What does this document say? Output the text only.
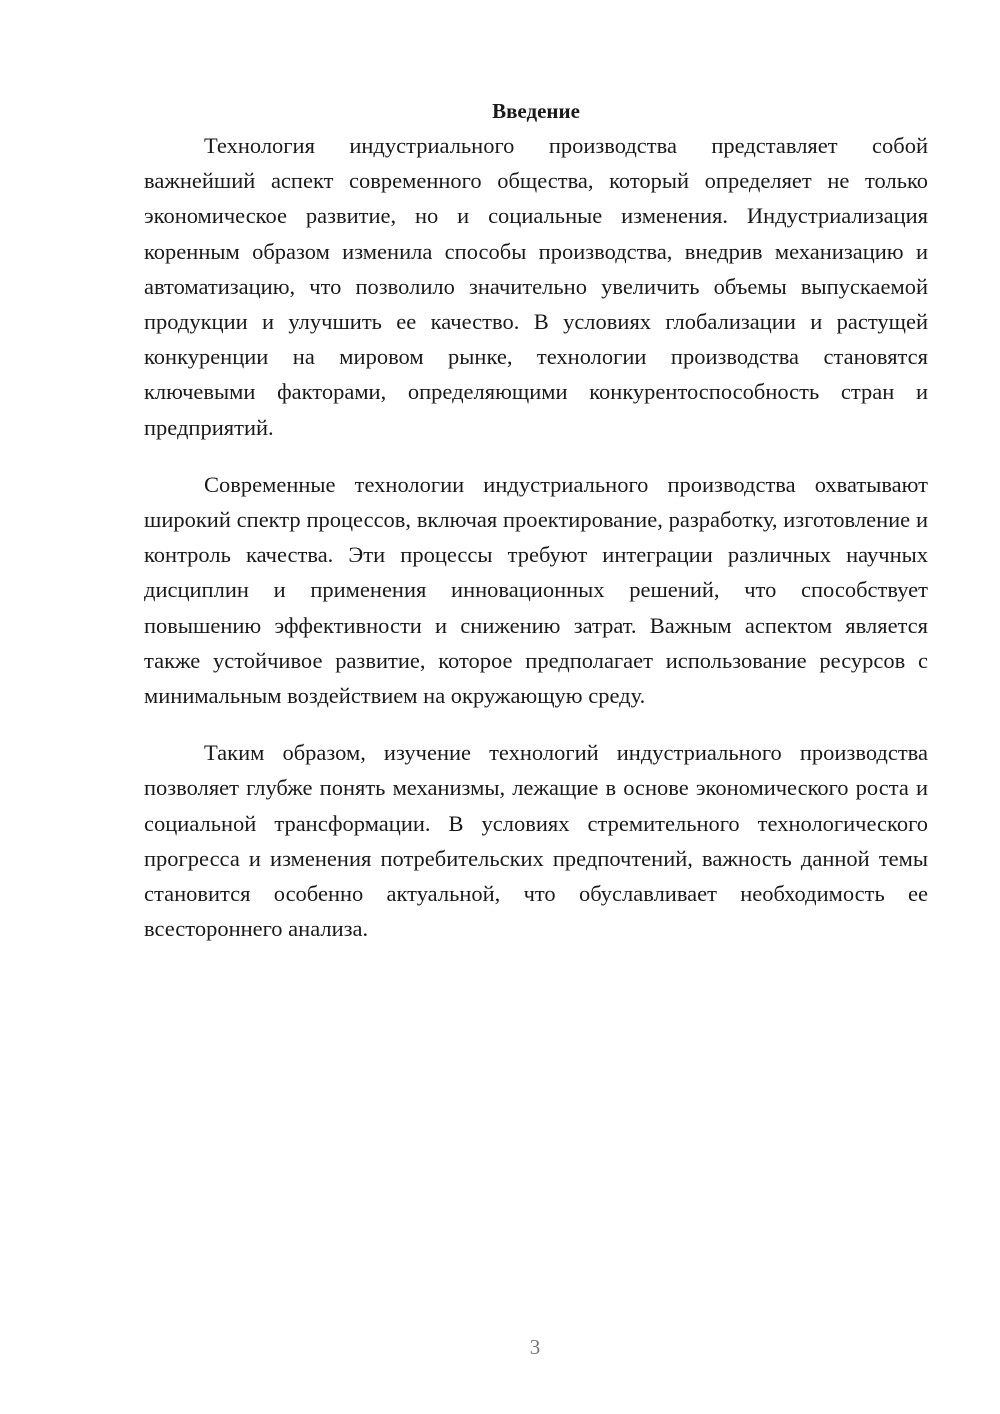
Введение

Технология индустриального производства представляет собой важнейший аспект современного общества, который определяет не только экономическое развитие, но и социальные изменения. Индустриализация коренным образом изменила способы производства, внедрив механизацию и автоматизацию, что позволило значительно увеличить объемы выпускаемой продукции и улучшить ее качество. В условиях глобализации и растущей конкуренции на мировом рынке, технологии производства становятся ключевыми факторами, определяющими конкурентоспособность стран и предприятий.

Современные технологии индустриального производства охватывают широкий спектр процессов, включая проектирование, разработку, изготовление и контроль качества. Эти процессы требуют интеграции различных научных дисциплин и применения инновационных решений, что способствует повышению эффективности и снижению затрат. Важным аспектом является также устойчивое развитие, которое предполагает использование ресурсов с минимальным воздействием на окружающую среду.

Таким образом, изучение технологий индустриального производства позволяет глубже понять механизмы, лежащие в основе экономического роста и социальной трансформации. В условиях стремительного технологического прогресса и изменения потребительских предпочтений, важность данной темы становится особенно актуальной, что обуславливает необходимость ее всестороннего анализа.

3
